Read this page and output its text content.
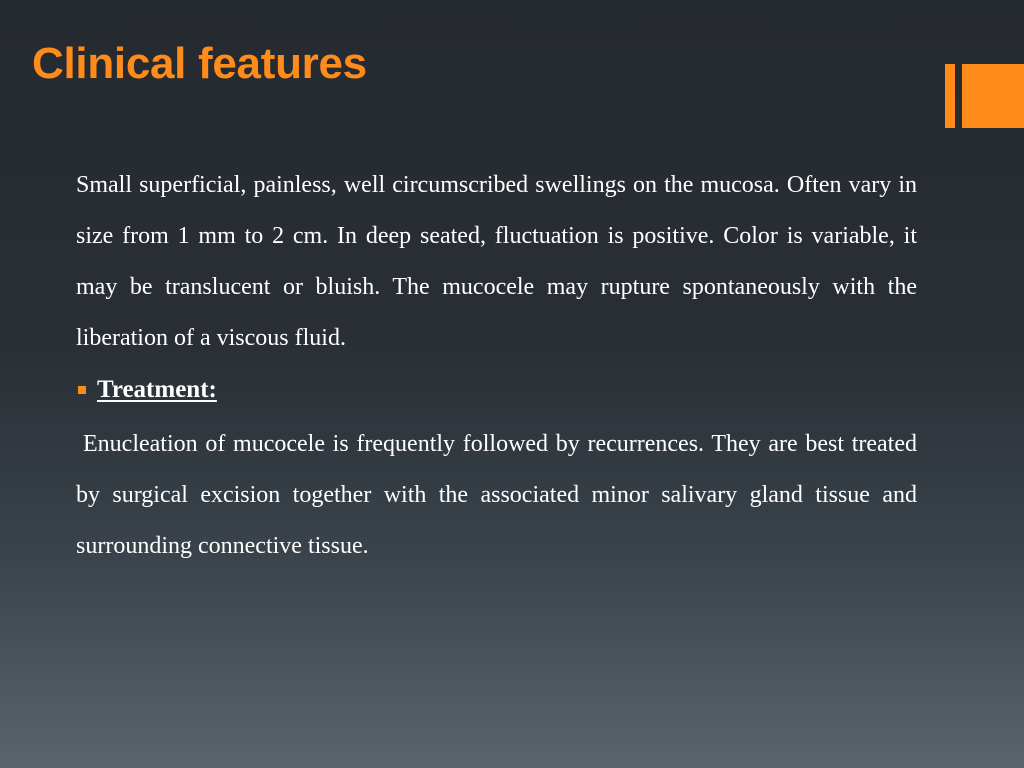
Clinical features

Small superficial, painless, well circumscribed swellings on the mucosa. Often vary in size from 1 mm to 2 cm. In deep seated, fluctuation is positive. Color is variable, it may be translucent or bluish. The mucocele may rupture spontaneously with the liberation of a viscous fluid.

Treatment:

Enucleation of mucocele is frequently followed by recurrences. They are best treated by surgical excision together with the associated minor salivary gland tissue and surrounding connective tissue.
